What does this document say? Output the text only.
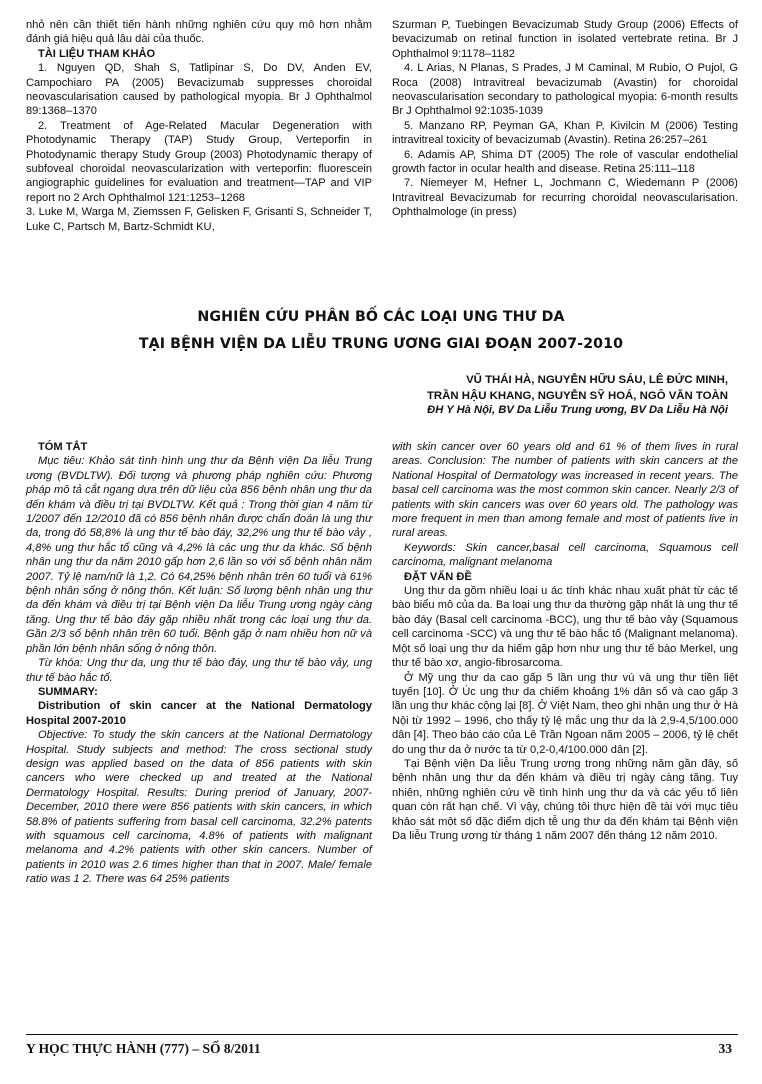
nhỏ nên cần thiết tiến hành những nghiên cứu quy mô hơn nhằm đánh giá hiệu quả lâu dài của thuốc.

TÀI LIỆU THAM KHẢO

1. Nguyen QD, Shah S, Tatlipinar S, Do DV, Anden EV, Campochiaro PA (2005) Bevacizumab suppresses choroidal neovascularisation caused by pathological myopia. Br J Ophthalmol 89:1368–1370

2. Treatment of Age-Related Macular Degeneration with Photodynamic Therapy (TAP) Study Group, Verteporfin in Photodynamic therapy Study Group (2003) Photodynamic therapy of subfoveal choroidal neovascularization with verteporfin: fluorescein angiographic guidelines for evaluation and treatment—TAP and VIP report no 2 Arch Ophthalmol 121:1253–1268

3. Luke M, Warga M, Ziemssen F, Gelisken F, Grisanti S, Schneider T, Luke C, Partsch M, Bartz-Schmidt KU,

Szurman P, Tuebingen Bevacizumab Study Group (2006) Effects of bevacizumab on retinal function in isolated vertebrate retina. Br J Ophthalmol 9:1178–1182

4. L Arias, N Planas, S Prades, J M Caminal, M Rubio, O Pujol, G Roca (2008) Intravitreal bevacizumab (Avastin) for choroidal neovascularisation secondary to pathological myopia: 6-month results Br J Ophthalmol 92:1035-1039

5. Manzano RP, Peyman GA, Khan P, Kivilcin M (2006) Testing intravitreal toxicity of bevacizumab (Avastin). Retina 26:257–261

6. Adamis AP, Shima DT (2005) The role of vascular endothelial growth factor in ocular health and disease. Retina 25:111–118

7. Niemeyer M, Hefner L, Jochmann C, Wiedemann P (2006) Intravitreal Bevacizumab for recurring choroidal neovascularisation. Ophthalmologe (in press)

NGHIÊN CỨU PHÂN BỐ CÁC LOẠI UNG THƯ DA
TẠI BỆNH VIỆN DA LIỄU TRUNG ƯƠNG GIAI ĐOẠN 2007-2010
VŨ THÁI HÀ, NGUYỄN HỮU SÁU, LÊ ĐỨC MINH,
TRẦN HẬU KHANG, NGUYỄN SỸ HOÁ, NGÔ VĂN TOÀN
ĐH Y Hà Nội, BV Da Liễu Trung ương, BV Da Liễu Hà Nội

TÓM TẮT

Mục tiêu: Khảo sát tình hình ung thư da Bệnh viện Da liễu Trung ương (BVDLTW). Đối tượng và phương pháp nghiên cứu: Phương pháp mô tả cắt ngang dựa trên dữ liệu của 856 bệnh nhân ung thư da đến khám và điều trị tại BVDLTW. Kết quả : Trong thời gian 4 năm từ 1/2007 đến 12/2010 đã có 856 bệnh nhân được chẩn đoán là ung thư da, trong đó 58,8% là ung thư tế bào đáy, 32,2% ung thư tế bào vảy , 4,8% ung thư hắc tố cũng và 4,2% là các ung thư da khác. Số bệnh nhân ung thư da năm 2010 gấp hơn 2,6 lần so với số bệnh nhân năm 2007. Tỷ lệ nam/nữ là 1,2. Có 64,25% bệnh nhân trên 60 tuổi và 61% bệnh nhân sống ở nông thôn. Kết luận: Số lượng bệnh nhân ung thư da đến khám và điều trị tại Bệnh viện Da liễu Trung ương ngày càng tăng. Ung thư tế bào đáy gặp nhiều nhất trong các loại ung thư da. Gần 2/3 số bệnh nhân trên 60 tuổi. Bệnh gặp ở nam nhiều hơn nữ và phần lớn bệnh nhân sống ở nông thôn.

Từ khóa: Ung thư da, ung thư tế bào đáy, ung thư tế bào vảy, ung thư tế bào hắc tố.

SUMMARY:

Distribution of skin cancer at the National Dermatology Hospital 2007-2010

Objective: To study the skin cancers at the National Dermatology Hospital. Study subjects and method: The cross sectional study design was applied based on the data of 856 patients with skin cancers who were checked up and treated at the National Dermatology Hospital. Results: During preriod of January, 2007- December, 2010 there were 856 patients with skin cancers, in which 58.8% of patients suffering from basal cell carcinoma, 32.2% patents with squamous cell carcinoma, 4.8% of patients with malignant melanoma and 4.2% patients with other skin cancers. Number of patients in 2010 was 2.6 times higher than that in 2007. Male/ female ratio was 1 2. There was 64 25% patients

with skin cancer over 60 years old and 61 % of them lives in rural areas. Conclusion: The number of patients with skin cancers at the National Hospital of Dermatology was increased in recent years. The basal cell carcinoma was the most common skin cancer. Nearly 2/3 of patients with skin cancers was over 60 years old. The pathology was more frequent in men than among female and most of patients live in rural areas.

Keywords: Skin cancer,basal cell carcinoma, Squamous cell carcinoma, malignant melanoma

ĐẶT VẤN ĐỀ

Ung thư da gồm nhiều loại u ác tính khác nhau xuất phát từ các tế bào biểu mô của da. Ba loại ung thư da thường gặp nhất là ung thư tế bào đáy (Basal cell carcinoma -BCC), ung thư tế bào vảy (Squamous cell carcinoma -SCC) và ung thư tế bào hắc tố (Malignant melanoma). Một số loại ung thư da hiếm gặp hơn như ung thư tế bào Merkel, ung thư tế bào xơ, angio-fibrosarcoma.

Ở Mỹ ung thư da cao gấp 5 lần ung thư vú và ung thư tiền liệt tuyến [10]. Ở Úc ung thư da chiếm khoảng 1% dân số và cao gấp 3 lần ung thư khác cộng lại [8]. Ở Việt Nam, theo ghi nhận ung thư ở Hà Nội từ 1992 – 1996, cho thấy tỷ lệ mắc ung thư da là 2,9-4,5/100.000 dân [4]. Theo báo cáo của Lê Trần Ngoan năm 2005 – 2006, tỷ lệ chết do ung thư da ở nước ta từ 0,2-0,4/100.000 dân [2].

Tại Bệnh viện Da liễu Trung ương trong những năm gần đây, số bệnh nhân ung thư da đến khám và điều trị ngày càng tăng. Tuy nhiên, những nghiên cứu về tình hình ung thư da và các yếu tố liên quan còn rất hạn chế. Vì vậy, chúng tôi thực hiện đề tài với mục tiêu khảo sát một số đặc điểm dịch tễ ung thư da đến khám tại Bệnh viện Da liễu Trung ương từ tháng 1 năm 2007 đến tháng 12 năm 2010.

Y HỌC THỰC HÀNH (777) – SỐ 8/2011	33
